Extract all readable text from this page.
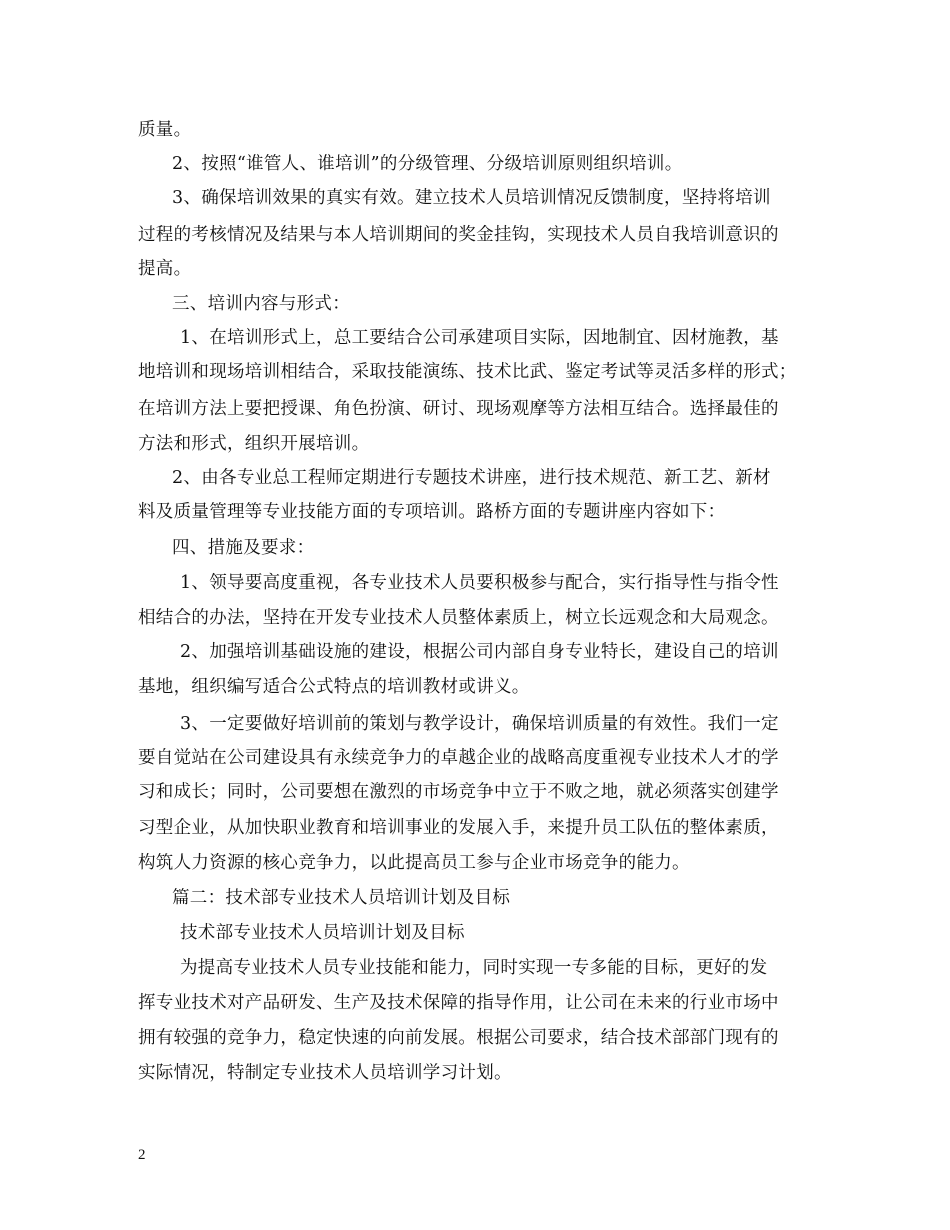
质量。
2、按照“谁管人、谁培训”的分级管理、分级培训原则组织培训。
3、确保培训效果的真实有效。建立技术人员培训情况反馈制度，坚持将培训
过程的考核情况及结果与本人培训期间的奖金挂钩，实现技术人员自我培训意识的
提高。
三、培训内容与形式：
1、在培训形式上，总工要结合公司承建项目实际，因地制宜、因材施教，基
地培训和现场培训相结合，采取技能演练、技术比武、鉴定考试等灵活多样的形式；
在培训方法上要把授课、角色扮演、研讨、现场观摩等方法相互结合。选择最佳的
方法和形式，组织开展培训。
2、由各专业总工程师定期进行专题技术讲座，进行技术规范、新工艺、新材
料及质量管理等专业技能方面的专项培训。路桥方面的专题讲座内容如下：
四、措施及要求：
1、领导要高度重视，各专业技术人员要积极参与配合，实行指导性与指令性
相结合的办法，坚持在开发专业技术人员整体素质上，树立长远观念和大局观念。
2、加强培训基础设施的建设，根据公司内部自身专业特长，建设自己的培训
基地，组织编写适合公式特点的培训教材或讲义。
3、一定要做好培训前的策划与教学设计，确保培训质量的有效性。我们一定
要自觉站在公司建设具有永续竞争力的卓越企业的战略高度重视专业技术人才的学
习和成长；同时，公司要想在激烈的市场竞争中立于不败之地，就必须落实创建学
习型企业，从加快职业教育和培训事业的发展入手，来提升员工队伍的整体素质，
构筑人力资源的核心竞争力，以此提高员工参与企业市场竞争的能力。
篇二：技术部专业技术人员培训计划及目标
技术部专业技术人员培训计划及目标
为提高专业技术人员专业技能和能力，同时实现一专多能的目标，更好的发
挥专业技术对产品研发、生产及技术保障的指导作用，让公司在未来的行业市场中
拥有较强的竞争力，稳定快速的向前发展。根据公司要求，结合技术部部门现有的
实际情况，特制定专业技术人员培训学习计划。
2
